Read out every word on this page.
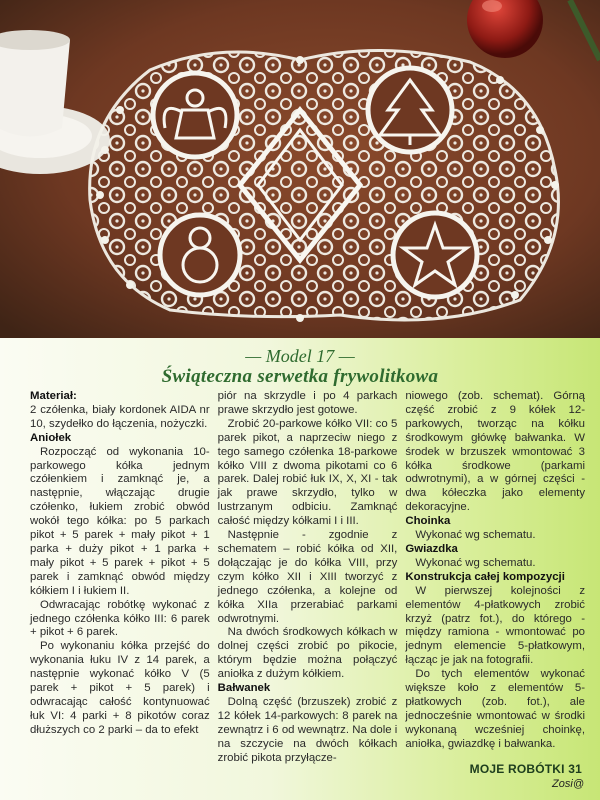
— Model 17 —
Świąteczna serwetka frywolitkowa

Materiał:

2 czółenka, biały kordonek AIDA nr 10, szydełko do łączenia, nożyczki.

Aniołek

Rozpocząć od wykonania 10-parkowego kółka jednym czółenkiem i zamknąć je, a następnie, włączając drugie czółenko, łukiem zrobić obwód wokół tego kółka: po 5 parkach pikot + 5 parek + mały pikot + 1 parka + duży pikot + 1 parka + mały pikot + 5 parek + pikot + 5 parek i zamknąć obwód między kółkiem I i łukiem II.

Odwracając robótkę wykonać z jednego czółenka kółko III: 6 parek + pikot + 6 parek.

Po wykonaniu kółka przejść do wykonania łuku IV z 14 parek, a następnie wykonać kółko V (5 parek + pikot + 5 parek) i odwracając całość kontynuować łuk VI: 4 parki + 8 pikotów coraz dłuższych co 2 parki – da to efekt

piór na skrzydle i po 4 parkach prawe skrzydło jest gotowe.

Zrobić 20-parkowe kółko VII: co 5 parek pikot, a naprzeciw niego z tego samego czółenka 18-parkowe kółko VIII z dwoma pikotami co 6 parek. Dalej robić łuk IX, X, XI - tak jak prawe skrzydło, tylko w lustrzanym odbiciu. Zamknąć całość między kółkami I i III.

Następnie - zgodnie z schematem – robić kółka od XII, dołączając je do kółka VIII, przy czym kółko XII i XIII tworzyć z jednego czółenka, a kolejne od kółka XIIa przerabiać parkami odwrotnymi.

Na dwóch środkowych kółkach w dolnej części zrobić po pikocie, którym będzie można połączyć aniołka z dużym kółkiem.

Bałwanek

Dolną część (brzuszek) zrobić z 12 kółek 14-parkowych: 8 parek na zewnątrz i 6 od wewnątrz. Na dole i na szczycie na dwóch kółkach zrobić pikota przyłącze-

niowego (zob. schemat). Górną część zrobić z 9 kółek 12-parkowych, tworząc na kółku środkowym główkę bałwanka. W środek w brzuszek wmontować 3 kółka środkowe (parkami odwrotnymi), a w górnej części - dwa kółeczka jako elementy dekoracyjne.

Choinka

Wykonać wg schematu.

Gwiazdka

Wykonać wg schematu.

Konstrukcja całej kompozycji

W pierwszej kolejności z elementów 4-płatkowych zrobić krzyż (patrz fot.), do którego - między ramiona - wmontować po jednym elemencie 5-płatkowym, łącząc je jak na fotografii.

Do tych elementów wykonać większe koło z elementów 5-płatkowych (zob. fot.), ale jednocześnie wmontować w środki wykonaną wcześniej choinkę, aniołka, gwiazdkę i bałwanka.

MOJE ROBÓTKI 31
Zosi@
